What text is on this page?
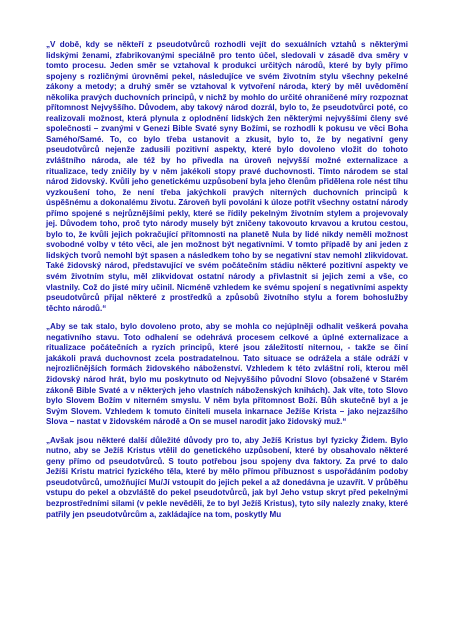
„V době, kdy se někteří z pseudotvůrců rozhodli vejít do sexuálních vztahů s některými lidskými ženami, zfabrikovanými speciálně pro tento účel, sledovali v zásadě dva směry v tomto procesu. Jeden směr se vztahoval k produkci určitých národů, které by byly přímo spojeny s rozličnými úrovněmi pekel, následujíce ve svém životním stylu všechny pekelné zákony a metody; a druhý směr se vztahoval k vytvoření národa, který by měl uvědomění několika pravých duchovních principů, v nichž by mohlo do určité ohraničené míry rozpoznat přítomnost Nejvyššího. Důvodem, aby takový národ dozrál, bylo to, že pseudotvůrci poté, co realizovali možnost, která plynula z oplodnění lidských žen některými nejvyššími členy své společnosti – zvanými v Genezi Bible Svaté syny Božími, se rozhodli k pokusu ve věci Boha Samého/Samé. To, co bylo třeba ustanovit a zkusit, bylo to, že by negativní geny pseudotvůrců nejenže zadusili pozitivní aspekty, které bylo dovoleno vložit do tohoto zvláštního národa, ale též by ho přivedla na úroveň nejvyšší možné externalizace a ritualizace, tedy zničily by v něm jakékoli stopy pravé duchovnosti. Tímto národem se stal národ židovský. Kvůli jeho genetickému uzpůsobení byla jeho členům přidělena role nést tíhu vyzkoušení toho, že není třeba jakýchkoli pravých niterných duchovních principů k úspěšnému a dokonalému životu. Zároveň byli povoláni k úloze potřít všechny ostatní národy přímo spojené s nejrůznějšími pekly, které se řídily pekelným životním stylem a projevovaly jej. Důvodem toho, proč tyto národy musely být zničeny takovouto krvavou a krutou cestou, bylo to, že kvůli jejich pokračující přítomnosti na planetě Nula by lidé nikdy neměli možnost svobodné volby v této věci, ale jen možnost být negativními. V tomto případě by ani jeden z lidských tvorů nemohl být spasen a následkem toho by se negativní stav nemohl zlikvidovat. Také židovský národ, představující ve svém počátečním stádiu některé pozitivní aspekty ve svém životním stylu, měl zlikvidovat ostatní národy a přivlastnit si jejich zemi a vše, co vlastnily. Což do jisté míry učinil. Nicméně vzhledem ke svému spojení s negativními aspekty pseudotvůrců přijal některé z prostředků a způsobů životního stylu a forem bohoslužby těchto národů.“

„Aby se tak stalo, bylo dovoleno proto, aby se mohla co nejúplněji odhalit veškerá povaha negativního stavu. Toto odhalení se odehrává procesem celkové a úplné externalizace a ritualizace počátečních a ryzích principů, které jsou záležitostí niternou, - takže se činí jakákoli pravá duchovnost zcela postradatelnou. Tato situace se odrážela a stále odráží v nejrozličnějších formách židovského náboženství. Vzhledem k této zvláštní roli, kterou měl židovský národ hrát, bylo mu poskytnuto od Nejvyššího původní Slovo (obsažené v Starém zákoně Bible Svaté a v některých jeho vlastních náboženských knihách). Jak víte, toto Slovo bylo Slovem Božím v niterném smyslu. V něm byla přítomnost Boží. Bůh skutečně byl a je Svým Slovem. Vzhledem k tomuto činiteli musela inkarnace Ježíše Krista – jako nejzazšího Slova – nastat v židovském národě a On se musel narodit jako židovský muž.“

„Avšak jsou některé další důležité důvody pro to, aby Ježíš Kristus byl fyzicky Židem. Bylo nutno, aby se Ježíš Kristus vtělil do genetického uzpůsobení, které by obsahovalo některé geny přímo od pseudotvůrců. S touto potřebou jsou spojeny dva faktory. Za prvé to dalo Ježíši Kristu matrici fyzického těla, které by mělo přímou příbuznost s uspořádáním podoby pseudotvůrců, umožňující Mu/Jí vstoupit do jejich pekel a až donedávna je uzavřít. V průběhu vstupu do pekel a obzvláště do pekel pseudotvůrců, jak byl Jeho vstup skryt před pekelnými bezprostředními silami (v pekle nevěděli, že to byl Ježíš Kristus), tyto síly nalezly znaky, které patřily jen pseudotvůrcům a, zakládajíce na tom, poskytly Mu
